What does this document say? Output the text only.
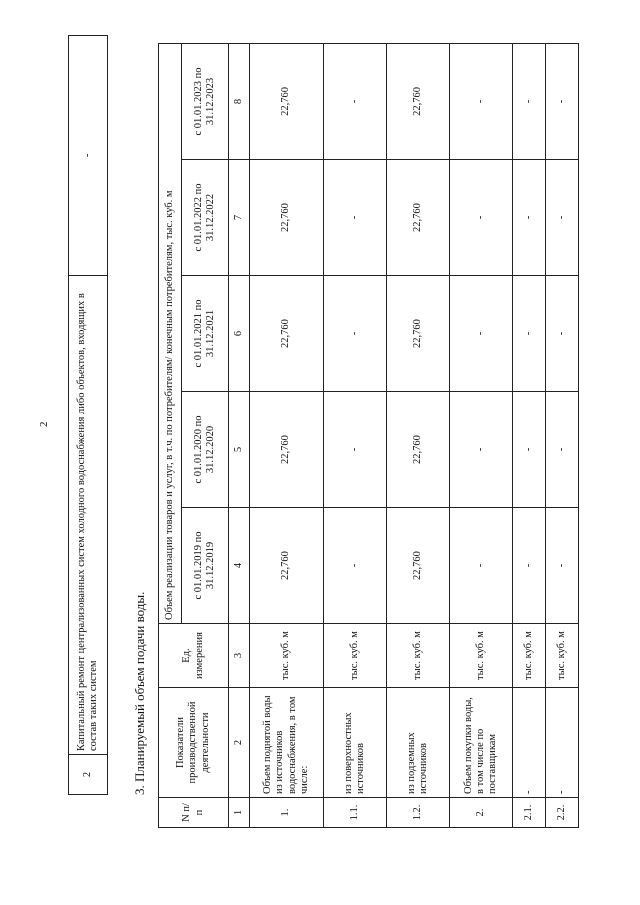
2
2	Капитальный ремонт централизованных систем холодного водоснабжения либо объектов, входящих в состав таких систем	-
3. Планируемый объем подачи воды.
N п/п	Показатели производственной деятельности	Ед. измерения	Объем реализации товаров и услуг, в т.ч. по потребителям/ конечным потребителям, тыс. куб. м				
			с 01.01.2019 по 31.12.2019	с 01.01.2020 по 31.12.2020	с 01.01.2021 по 31.12.2021	с 01.01.2022 по 31.12.2022	с 01.01.2023 по 31.12.2023
1	2	3	4	5	6	7	8
1.	Объем поднятой воды из источников водоснабжения, в том числе:	тыс. куб. м	22,760	22,760	22,760	22,760	22,760
1.1.	из поверхностных источников	тыс. куб. м	-	-	-	-	-
1.2.	из подземных источников	тыс. куб. м	22,760	22,760	22,760	22,760	22,760
2.	Объем покупки воды, в том числе по поставщикам	тыс. куб. м	-	-	-	-	-
2.1.	-	тыс. куб. м	-	-	-	-	-
2.2.	-	тыс. куб. м	-	-	-	-	-
